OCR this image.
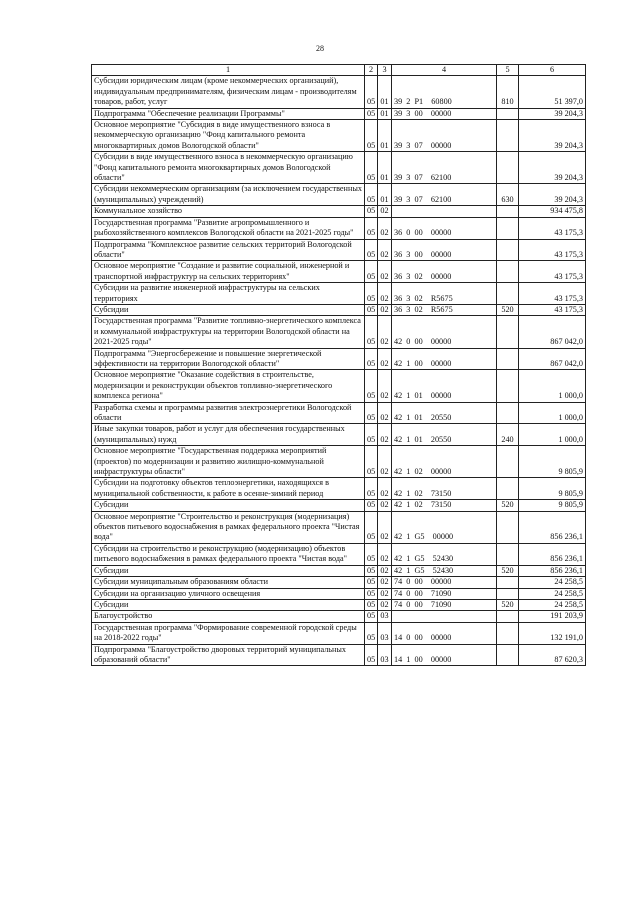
28
1	2	3	4	5	6
Субсидии юридическим лицам (кроме некоммерческих организаций), индивидуальным предпринимателям, физическим лицам - производителям товаров, работ, услуг	05	01	39  2  P1    60800	810	51 397,0
Подпрограмма "Обеспечение реализации Программы"	05	01	39  3  00    00000		39 204,3
Основное мероприятие "Субсидия в виде имущественного взноса в некоммерческую организацию "Фонд капитального ремонта многоквартирных домов Вологодской области"	05	01	39  3  07    00000		39 204,3
Субсидии в виде имущественного взноса в некоммерческую организацию "Фонд капитального ремонта многоквартирных домов Вологодской области"	05	01	39  3  07    62100		39 204,3
Субсидии некоммерческим организациям (за исключением государственных (муниципальных) учреждений)	05	01	39  3  07    62100	630	39 204,3
Коммунальное хозяйство	05	02			934 475,8
Государственная программа "Развитие агропромышленного и рыбохозяйственного комплексов Вологодской области на 2021-2025 годы"	05	02	36  0  00    00000		43 175,3
Подпрограмма "Комплексное развитие сельских территорий Вологодской области"	05	02	36  3  00    00000		43 175,3
Основное мероприятие "Создание и развитие социальной, инженерной и транспортной инфраструктур на сельских территориях"	05	02	36  3  02    00000		43 175,3
Субсидии на развитие инженерной инфраструктуры на сельских территориях	05	02	36  3  02    R5675		43 175,3
Субсидии	05	02	36  3  02    R5675	520	43 175,3
Государственная программа "Развитие топливно-энергетического комплекса и коммунальной инфраструктуры на территории Вологодской области на 2021-2025 годы"	05	02	42  0  00    00000		867 042,0
Подпрограмма "Энергосбережение и повышение энергетической эффективности на территории Вологодской области"	05	02	42  1  00    00000		867 042,0
Основное мероприятие "Оказание содействия в строительстве, модернизации и реконструкции объектов топливно-энергетического комплекса региона"	05	02	42  1  01    00000		1 000,0
Разработка схемы и программы развития электроэнергетики Вологодской области	05	02	42  1  01    20550		1 000,0
Иные закупки товаров, работ и услуг для обеспечения государственных (муниципальных) нужд	05	02	42  1  01    20550	240	1 000,0
Основное мероприятие "Государственная поддержка мероприятий (проектов) по модернизации и развитию жилищно-коммунальной инфраструктуры области"	05	02	42  1  02    00000		9 805,9
Субсидии на подготовку объектов теплоэнергетики, находящихся в муниципальной собственности, к работе в осенне-зимний период	05	02	42  1  02    73150		9 805,9
Субсидии	05	02	42  1  02    73150	520	9 805,9
Основное мероприятие "Строительство и реконструкция (модернизация) объектов питьевого водоснабжения в рамках федерального проекта "Чистая вода"	05	02	42  1  G5    00000		856 236,1
Субсидии на строительство и реконструкцию (модернизацию) объектов питьевого водоснабжения в рамках федерального проекта "Чистая вода"	05	02	42  1  G5    52430		856 236,1
Субсидии	05	02	42  1  G5    52430	520	856 236,1
Субсидии муниципальным образованиям области	05	02	74  0  00    00000		24 258,5
Субсидии на организацию уличного освещения	05	02	74  0  00    71090		24 258,5
Субсидии	05	02	74  0  00    71090	520	24 258,5
Благоустройство	05	03			191 203,9
Государственная программа "Формирование современной городской среды на 2018-2022 годы"	05	03	14  0  00    00000		132 191,0
Подпрограмма "Благоустройство дворовых территорий муниципальных образований области"	05	03	14  1  00    00000		87 620,3
